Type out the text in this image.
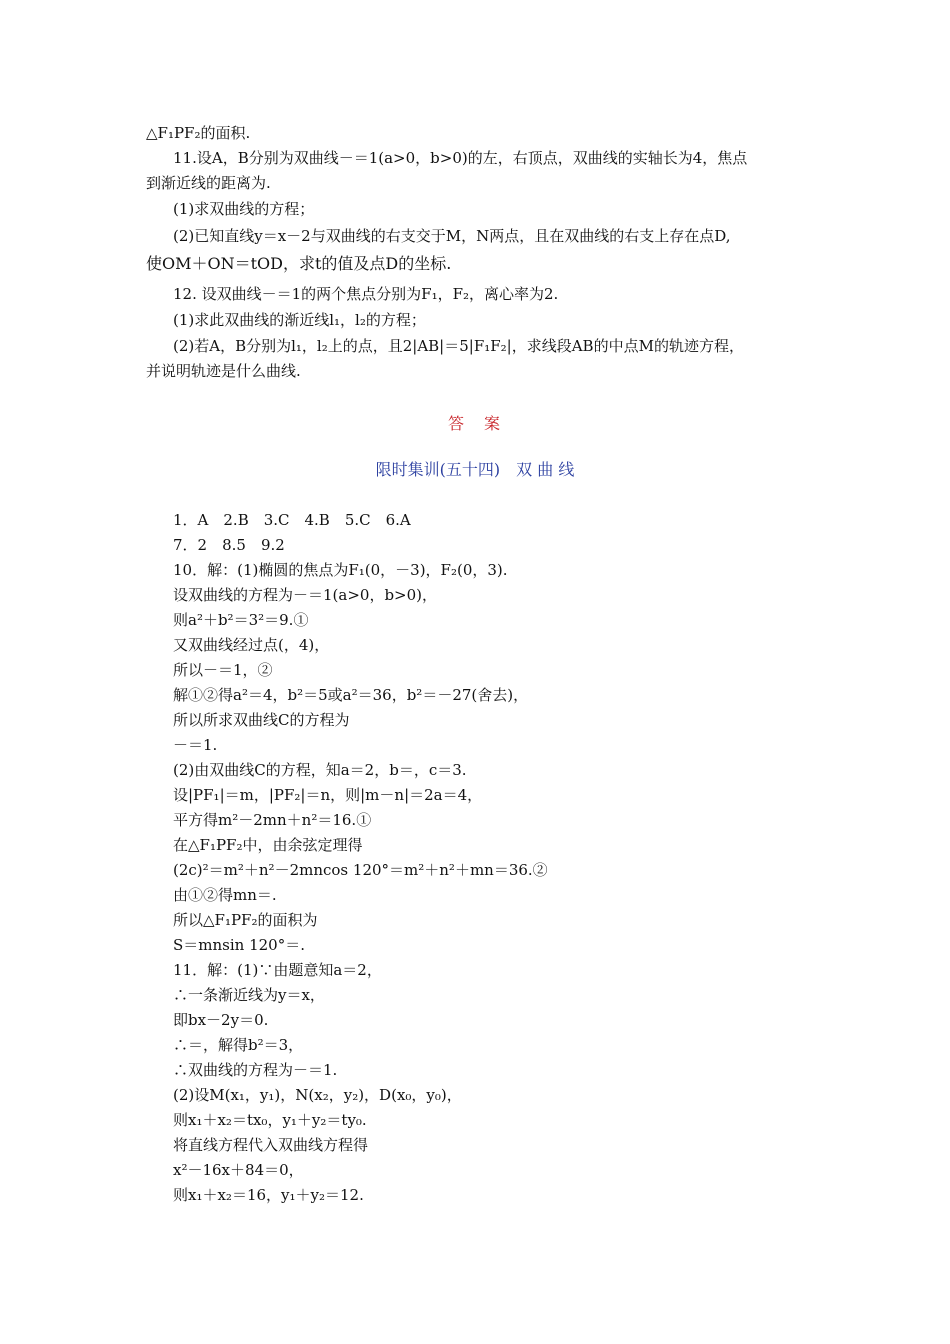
△F₁PF₂的面积.
11.设A，B分别为双曲线－＝1(a>0，b>0)的左，右顶点，双曲线的实轴长为4，焦点
到渐近线的距离为.
(1)求双曲线的方程；
(2)已知直线y＝x－2与双曲线的右支交于M，N两点，且在双曲线的右支上存在点D,
使OM＋ON＝tOD，求t的值及点D的坐标.
12. 设双曲线－＝1的两个焦点分别为F₁，F₂，离心率为2.
(1)求此双曲线的渐近线l₁，l₂的方程；
(2)若A，B分别为l₁，l₂上的点，且2|AB|＝5|F₁F₂|，求线段AB的中点M的轨迹方程，
并说明轨迹是什么曲线.
答　案
限时集训(五十四)　双 曲 线
1．A　2.B　3.C　4.B　5.C　6.A
7．2　8.5　9.2
10．解：(1)椭圆的焦点为F₁(0，－3)，F₂(0，3).
设双曲线的方程为－＝1(a>0，b>0)，
则a²＋b²＝3²＝9.①
又双曲线经过点(，4)，
所以－＝1，②
解①②得a²＝4，b²＝5或a²＝36，b²＝－27(舍去)，
所以所求双曲线C的方程为
－＝1.
(2)由双曲线C的方程，知a＝2，b＝，c＝3.
设|PF₁|＝m，|PF₂|＝n，则|m－n|＝2a＝4，
平方得m²－2mn＋n²＝16.①
在△F₁PF₂中，由余弦定理得
(2c)²＝m²＋n²－2mncos 120°＝m²＋n²＋mn＝36.②
由①②得mn＝.
所以△F₁PF₂的面积为
S＝mnsin 120°＝.
11．解：(1)∵由题意知a＝2，
∴一条渐近线为y＝x，
即bx－2y＝0.
∴＝，解得b²＝3，
∴双曲线的方程为－＝1.
(2)设M(x₁，y₁)，N(x₂，y₂)，D(x₀，y₀)，
则x₁＋x₂＝tx₀，y₁＋y₂＝ty₀.
将直线方程代入双曲线方程得
x²－16x＋84＝0，
则x₁＋x₂＝16，y₁＋y₂＝12.
